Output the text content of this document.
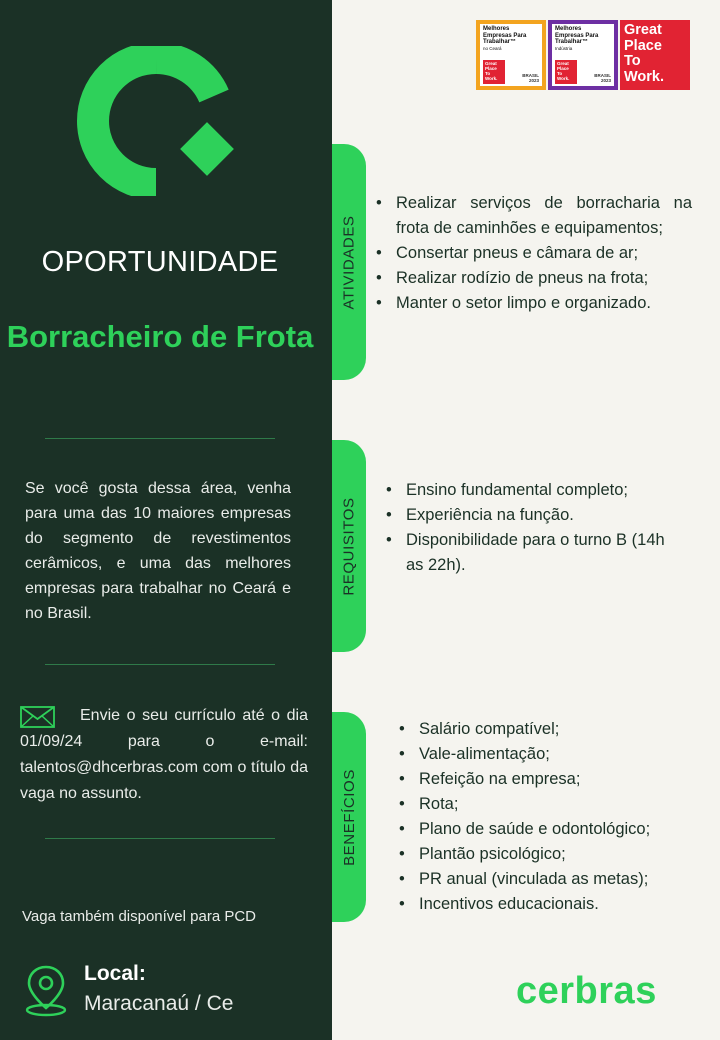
OPORTUNIDADE
Borracheiro de Frota
Se você gosta dessa área, venha para uma das 10 maiores empresas do segmento de revestimentos cerâmicos, e uma das melhores empresas para trabalhar no Ceará e no Brasil.
Envie o seu currículo até o dia 01/09/24 para o e-mail: talentos@dhcerbras.com com o título da vaga no assunto.
Vaga também disponível para PCD
Local:
Maracanaú / Ce
Melhores Empresas Para Trabalhar™
no Ceará
Great Place To Work.
BRASIL
2023
Melhores Empresas Para Trabalhar™
Indústria
Great Place To Work.
BRASIL
2023
Great
Place
To
Work.
ATIVIDADES
• Realizar serviços de borracharia na frota de caminhões e equipamentos;
• Consertar pneus e câmara de ar;
• Realizar rodízio de pneus na frota;
• Manter o setor limpo e organizado.
REQUISITOS
• Ensino fundamental completo;
• Experiência na função.
• Disponibilidade para o turno B (14h as 22h).
BENEFÍCIOS
• Salário compatível;
• Vale-alimentação;
• Refeição na empresa;
• Rota;
• Plano de saúde e odontológico;
• Plantão psicológico;
• PR anual (vinculada as metas);
• Incentivos educacionais.
cerbras
